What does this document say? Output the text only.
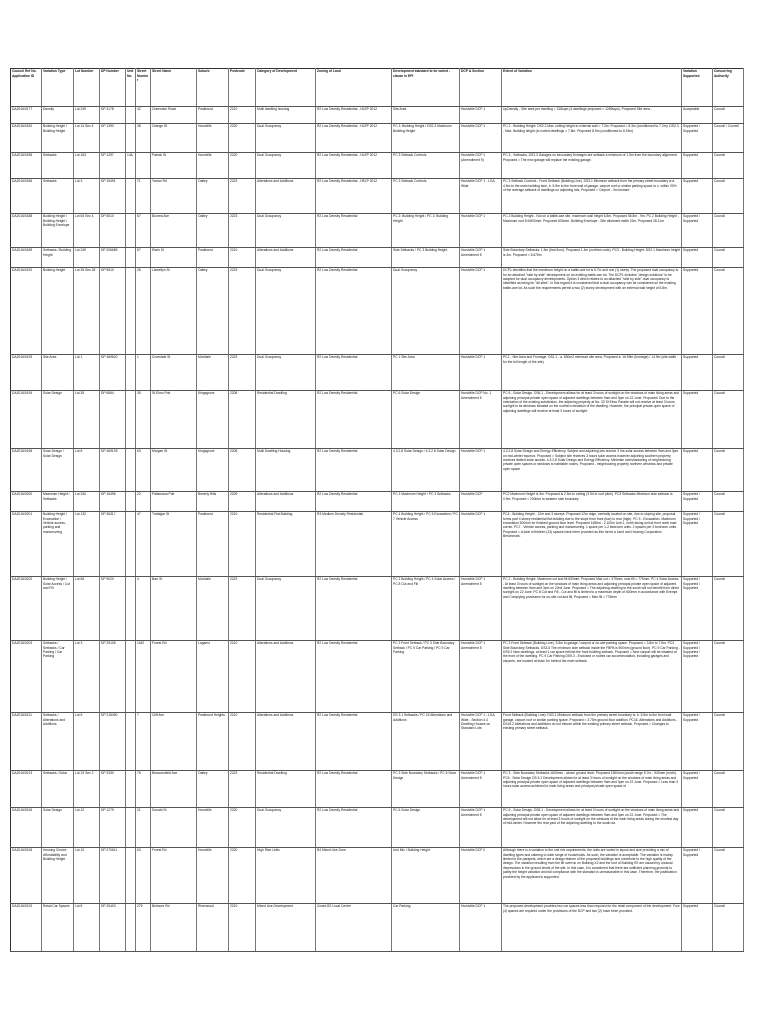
Council Ref No. Application ID	Variation Type	Lot Number	DP Number	Unit No.	Street Number	Street Name	Suburb	Postcode	Category of Development	Zoning of Land	Development standard to be varied - clause in EPI	DCP & Section	Extent of Variation	Variation Supported	Concurring Authority
DA2016/0177	Density	Lot 249	DP 3178		42	Clarendon Road	Peakhurst	2210	Multi dwelling housing	R2 Low Density Residential - HLEP 2012	Site Area	Hurstville DCP 1	UpDensity - Site area per dwelling = 318sqm (4 dwellings proposed = 1269sqm). Proposed Site area -	Acceptable	Council
DA2016/0182	Building Height / Building Height	Lot 14 Sec 4	DP 1393		38	Orange St	Hurstville	2220	Dual Occupancy	R2 Low Density Residential - HLEP 2012	PC 2: Building Height / DS2.3 Maximum Building Height	Hurstville DCP 1	PC 2 - Building Height. DS2.2 Max. ceiling height to external wall = 7.2m. Proposed = 8.3m (conditioned to 7.2m). DS2.3 - Max. Building height (to roofed dwellings = 7.8m. Proposed 8.9m (conditioned to 8.15m)	Supported / Supported	Council / Council
DA2016/0185	Setbacks	Lot 163	DP 1297	14A		Patrick St	Hurstville	2220	Dual Occupancy	R2 Low Density Residential - HLEP 2012	PC 3 Setback Controls	Hurstville DCP 1 (Amendment 9)	PC 3 - Setbacks. DS3.3 Garages on secondary frontages are setback a minimum of 1.5m from the boundary alignment. Proposed = The new garage will replace the existing garage.	Supported	Council
DA2016/0186	Setbacks	Lot 3	DP 15491		71	Yarran Rd	Oatley	2223	Alterations and Additions	R2 Low Density Residential - HELP 2012	PC 3 Setback Controls	Hurstville DCP 1 - LGA Wide	PC 3 Setback Controls - Front Setback (Building Line). DS3.1 Minimum setback from the primary street boundary is a. 4.5m to the main building face, b. 5.5m to the front wall of garage, carport roof or similar parking space or c. within 20% of the average setback of dwellings on adjoining lots. Proposed = Carport - 3m forward	Supported	Council
DA2016/0188	Building Height / Building Height / Building Envelope	Lot 64 Sec 4	DP 5510		67	Boorea Ave	Oatley	2223	Dual Occupancy	R2 Low Density Residential	PC 2: Building Height / PC 2: Building Height	Hurstville DCP 1	PC 2 Building Height - Not on a battle-axe site, maximum wall height 6.8m. Proposed 56.8m - 9m. PC 2 Building Height - Maximum roof 8.9/600mm. Proposed 600mm. Building Envelope - Site allotment width 22m. Proposed 28.11m	Supported / Supported	Council
DA2016/0189	Setbacks / Building Height	Lot 249	DP 206689		57	Elwin St	Peakhurst	2210	Alterations and Additions	R2 Low Density Residential	Side Setbacks / PC 3 Building Height	Hurstville DCP 1 Amendment 5	Side Boundary Setbacks: 1.5m (first floor). Proposed 1.4m (northern side). PC3 - Building Height: DS2.1 Maximum height is 3m. Proposed = 5.675m	Supported	Council
DA2016/0192	Building Height	Lot 35 Sec 28	DP 5510		26	Llewellyn St	Oatley	2223	Dual Occupancy	R2 Low Density Residential	Dual Occupancy	Hurstville DCP 1	DCP1 identifies that the maximum height on a battle-axe lot is 6.7m and one (1) storey. The proposed dual occupancy is for an attached "side by side" development on an existing battle-axe lot. The DCP1 includes "design solutions" to be adopted for dual occupancy developments. Option 3 which relates to an attached "side by side" dual occupancy is identified as being for "all sites". In this regard it is considered that a dual occupancy can be considered on the existing battle-axe lot. As such the requirements permit a two (2) storey development with an external wall height of 6.8m.	Supported	Council
DA2016/0193	Site Area	Lot 1	DP 469620		1	Cromdale St	Mortdale	2223	Dual Occupancy	R2 Low Density Residential	PC 1 Site Area	Hurstville DCP 1	PC1 - Site Area and Frontage. DS1.1 - a. 630m2 minimum site area, Proposed a. 16.59m (frontage) / 14.9m (site width for the full length of the site).	Supported	Council
DA2016/0194	Solar Design	Lot 35	DP 6664		35	St Elmo Pde	Kingsgrove	2208	Residential Dwelling	R2 Low Density Residential	PC 6 Solar Design	Hurstville DCP No. 1 Amendment 5	PC 6 - Solar Design. DS6.1 - Development allows for at least 3 hours of sunlight on the windows of main living areas and adjoining principal private open space of adjacent dwellings between 9am and 3pm on 22 June. Proposed: Due to the orientation of the existing subdivision, the adjoining property at No. 33 St Elmo Parade will not receive at least 3 hours sunlight to its windows situated on the northern elevation of the dwelling. However, the principal private open space of adjoining dwellings will receive at least 3 hours of sunlight.	Supported	Council
DA2016/0196	Solar Design / Solar Design	Lot 8	DP 469193		63	Morgan St	Kingsgrove	2208	Multi Dwelling Housing	R2 Low Density Residential	4.3.2.8 Solar Design / 4.3.2.8 Solar Design	Hurstville DCP 1	4.3.2.8 Solar Design and Energy Efficiency. Subject and adjoining lots receive 3 hrs solar access between 9am and 3pm on mid-winter equinox. Proposed = Subject site receives 3 hours solar access however adjoining southern property receives limited solar access. 4.3.2.8 Solar Design and Energy Efficiency. Minimise overshadowing of neighbouring private open spaces or windows to habitable rooms. Proposed - neighbouring property northern windows and private open space	Supported	Council
DA2016/0200	Maximum Height / Setbacks	Lot 340	DP 15496		22	Pallamana Pde	Beverly Hills	2209	Alterations and Additions	R2 Low Density Residential	PC 2 Maximum Height / PC 3 Setbacks	Hurstville DCP	PC2 Maximum Height is 3m. Proposed is 2.5m to ceiling (3.54 to roof pitch). PC3 Setbacks Minimum side setback is 0.9m. Proposed = 200mm to western side boundary	Supported / Supported	Council
DA2016/0201	Building Height / Excavation / Vehicle access, parking and manoeuvring	Lot 132	DP 36317		47	Trafalgar St	Peakhurst	2210	Residential Flat Building	R3 Medium Density Residential	PC 4 Building Height / PC 5 Excavation / PC 7 Vehicle Access	Hurstville DCP 1	PC4 - Building Height - 12m and 3 storeys. Proposed 12m ridge, centrally located on site, due to sloping site, proposal forms part 4 storey residential flat building due to the slope from front (low) to rear (high). PC 5 - Excavation. Maximum excavation 500mm for finished ground floor level. Proposed 1650m - 2.100m Unit 1, north facing unit at front north east corner. PC7 - Vehicle access, parking and manoeuvring. 1 space per 1-2 bedroom units. 2 spaces per 3 bedroom units. Proposed = A total of thirteen (13) spaces have been provided as this forms a Land and Housing Corporation Benchmark.	Supported / Supported / Supported	Council
DA2016/0202	Building Height / Solar Access / Cut and Fill	Lot 66	DP 9020		4	Barr St	Mortdale	2223	Dual Occupancy	R2 Low Density Residential	PC 2 Building Height / PC 4 Solar Access / PC 8 Cut and Fill	Hurstville DCP 1 Amendment 5	PC 2 - Building Height. Maximum cut and fill 600mm. Proposed Max cut = 475mm, max fill = 775mm. PC 4 Solar Access - At least 3 hours of sunlight on the windows of main living areas and adjoining principal private open space of adjacent dwelling between 9am and 3pm on 22nd June. Proposed = The adjoining dwelling to the south will not benefit from direct sunlight on 22 June. PC 8 Cut and Fill - Cut and fill is limited to a maximum depth of 600mm in accordance with Exempt and Complying provisions for on-site cut and fill. Proposed = Max fill = 775mm	Supported / Supported / Supported	Council
DA2016/0203	Setbacks / Setbacks / Car Parking / Car Parking	Lot 3	DP 25105		1160	Forest Rd	Lugarno	2210	Alterations and Additions	R2 Low Density Residential	PC 3 Front Setback / PC 3 Side Boundary Setback / PC 9 Car Parking / PC 9 Car Parking	Hurstville DCP 1 Amendment 5	PC 3 Front Setback (Building Line). 5.5m to garage / carport or on-site parking space. Proposed = 3.8m to 7.8m. PC3 Side Boundary Setbacks. DS3.5 The minimum side setback inside the FBPA is 900mm (ground floor). PC 9 Car Parking - DS9.2 New dwellings, at least 1 car space behind the front building setback. Proposed = New carport will be situated at the front of the dwelling. PC 9 Car Parking DS9.3 - Enclosed or roofed car accommodation, including garages and carports, are located at least 1m behind the main setback.	Supported / Supported / Supported / Supported	Council
DA2016/0211	Setbacks / Alterations and Additions	Lot 5	DP 216450		7	Cliff Ave	Peakhurst Heights	2210	Alterations and Additions	R2 Low Density Residential	DS 3.1 Setbacks / PC 15 Alterations and Additions	Hurstville DCP 1 - LGA Wide - Section 4.4 Dwelling Houses on Standard Lots	Front Setback (Building Line): DS3.1 Minimum setback from the primary street boundary is: b. 5.5m to the front wall garage, carport roof or similar parking space. Proposed = 3.75m ground floor addition. PC16. Alterations and Additions - DS15.2 Alterations and additions do not intrude within the existing primary street setback. Proposed = Changes to existing primary street setback.	Supported / Supported	Council
DA2016/0213	Setbacks / Solar	Lot 19 Sec 2	DP 3330		76	Beaconsfield Ave	Oatley	2223	Residential Dwelling	R2 Low Density Residential	PC 3 Side Boundary Setbacks / PC 6 Solar Design	Hurstville DCP 1 Amendment 5	PC 3 - Side Boundary Setbacks 1600mm - above ground level. Proposed 1500mm (south range 5.7m - 940mm (north). PC6 - Solar Design DS 6.1 Development allows for at least 3 hours of sunlight on the windows of main living areas and adjoining principal private open space of adjacent dwellings between 9am and 3pm on 22 June. Proposed = Less than 3 hours solar access achieved to main living areas and principal private open space of	Supported / Supported	Council
DA2016/0216	Solar Design	Lot 12	DP 1279		21	Donald St	Hurstville	2220	Dual Occupancy	R2 Low Density Residential	PC 6 Solar Design	Hurstville DCP 1 Amendment 5	PC 6 - Solar Design. DS6.1 - Development allows for at least 3 hours of sunlight on the windows of main living areas and adjoining principal private open space of adjacent dwellings between 9am and 3pm on 22 June. Proposed = The development will not allow for at least 3 hours of sunlight on the windows of the main living areas during the shortest day of mid-winter. However the rear yard of the adjoining dwelling to the south-ea	Supported	Council
DA2016/0218	Housing Choice, Affordability and Building Height	Lot 10	DP 270611		63	Forest Rd	Hurstville	2220	High Rise Units	B4 Mixed Use Zone	Unit Mix / Building Height	Hurstville DCP 2	Although there is a variation to the unit mix requirements, the units are varied in layout and size providing a mix of dwelling types and catering to wide range of households. As such, the variation is acceptable. The variation is mainly limited to the parapets, which are a design feature of the proposed buildings and contribute to the high quality of the design. The variation resulting from the lift overrun on Building X2 and the roof of Building R2 are caused by unusual depressions in the ground levels of the site. In this case, it is considered that there are sufficient planning grounds to justify the height variation and full compliance with the standard is unreasonable in this case. Therefore, the justification provided by the applicant is supported.	Supported / Supported	Council
DA2016/0219	Retail Car Spaces	Lot 8	DP 25403		279	Belmore Rd	Riverwood	2210	Mixed Use Development	Zoned B2 Local Centre	Car Parking	Hurstville DCP 1	The proposed development provides two car spaces less than required for the retail component of the development. Four (4) spaces are required under the provisions of the DCP and two (2) have been provided.	Supported	Council
